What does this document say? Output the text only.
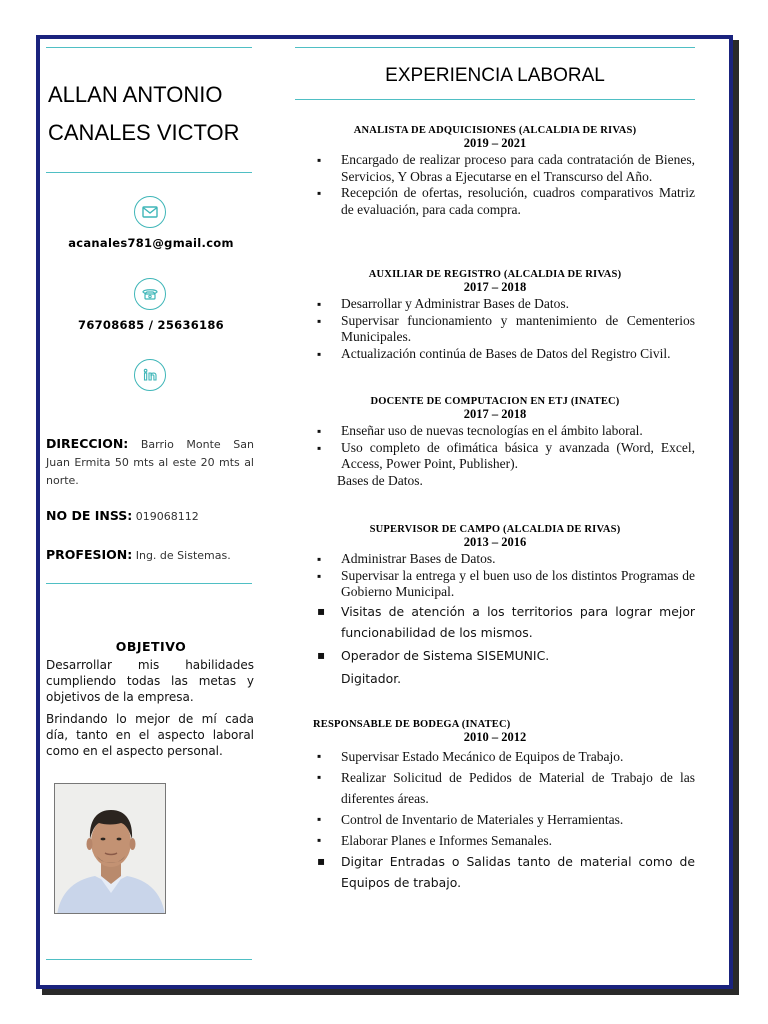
ALLAN ANTONIO
CANALES VICTOR
acanales781@gmail.com
76708685 / 25636186
DIRECCION: Barrio Monte San Juan Ermita 50 mts al este 20 mts al norte.
NO DE INSS: 019068112
PROFESION: Ing. de Sistemas.
OBJETIVO
Desarrollar mis habilidades cumpliendo todas las metas y objetivos de la empresa.
Brindando lo mejor de mí cada día, tanto en el aspecto laboral como en el aspecto personal.
EXPERIENCIA LABORAL
ANALISTA DE ADQUICISIONES (ALCALDIA DE RIVAS)
2019 – 2021
▪ Encargado de realizar proceso para cada contratación de Bienes, Servicios, Y Obras a Ejecutarse en el Transcurso del Año.
▪ Recepción de ofertas, resolución, cuadros comparativos Matriz de evaluación, para cada compra.
AUXILIAR DE REGISTRO (ALCALDIA DE RIVAS)
2017 – 2018
▪ Desarrollar y Administrar Bases de Datos.
▪ Supervisar funcionamiento y mantenimiento de Cementerios Municipales.
▪ Actualización continúa de Bases de Datos del Registro Civil.
DOCENTE DE COMPUTACION EN ETJ (INATEC)
2017 – 2018
▪ Enseñar uso de nuevas tecnologías en el ámbito laboral.
▪ Uso completo de ofimática básica y avanzada (Word, Excel, Access, Power Point, Publisher).
Bases de Datos.
SUPERVISOR DE CAMPO (ALCALDIA DE RIVAS)
2013 – 2016
▪ Administrar Bases de Datos.
▪ Supervisar la entrega y el buen uso de los distintos Programas de Gobierno Municipal.
▪ Visitas de atención a los territorios para lograr mejor funcionabilidad de los mismos.
▪ Operador de Sistema SISEMUNIC.
Digitador.
RESPONSABLE DE BODEGA (INATEC)
2010 – 2012
▪ Supervisar Estado Mecánico de Equipos de Trabajo.
▪ Realizar Solicitud de Pedidos de Material de Trabajo de las diferentes áreas.
▪ Control de Inventario de Materiales y Herramientas.
▪ Elaborar Planes e Informes Semanales.
▪ Digitar Entradas o Salidas tanto de material como de Equipos de trabajo.
